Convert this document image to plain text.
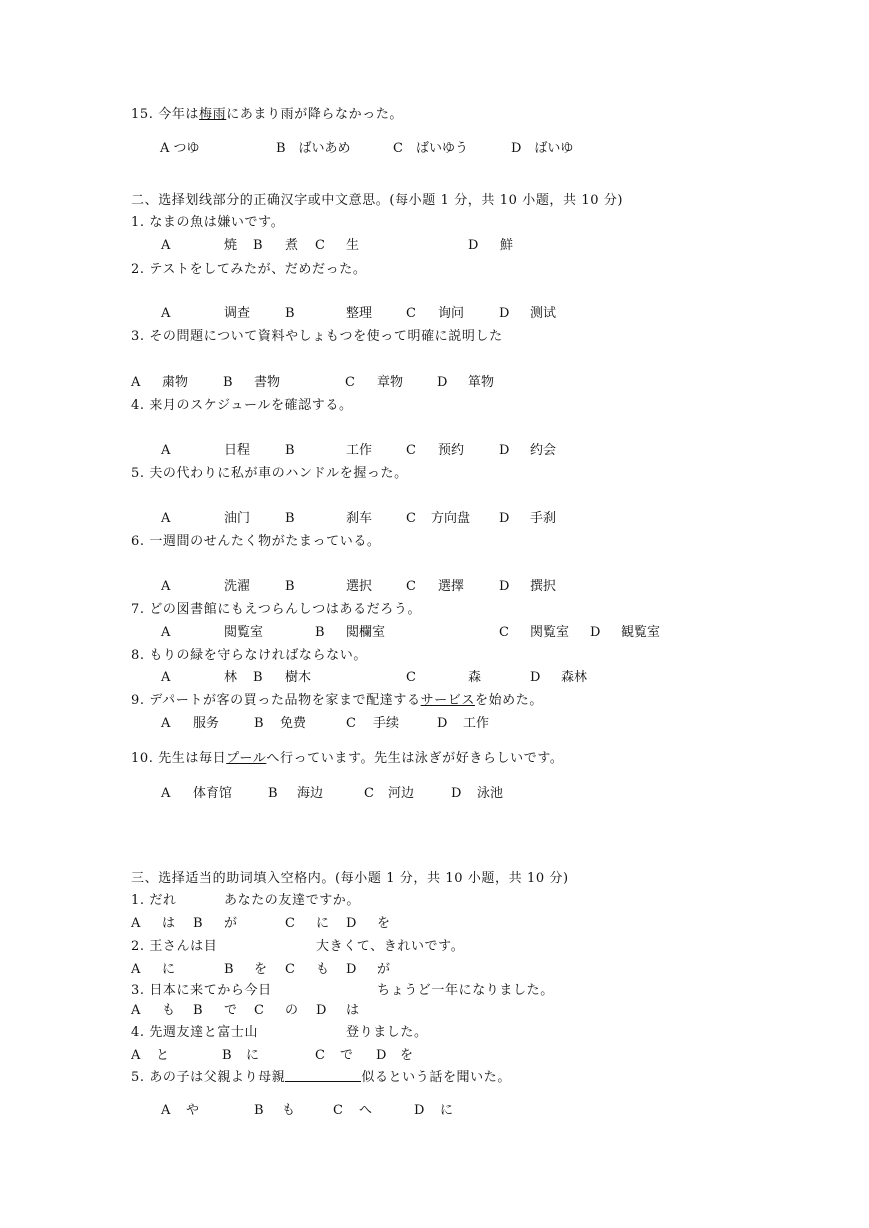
15. 今年は梅雨にあまり雨が降らなかった。
A つゆ	B　ばいあめ	C　ばいゆう	D　ばいゆ
二、选择划线部分的正确汉字或中文意思。(每小题 1 分，共 10 小题，共 10 分)
1. なまの魚は嫌いです。
A	焼 B 煮 C 生	D 鮮
2. テストをしてみたが、だめだった。
A	调查	B	整理	C 询问	D 测试
3. その問題について資料やしょもつを使って明確に説明した
A 粛物	B 書物	C 章物	D 箪物
4. 来月のスケジュールを確認する。
A	日程	B	工作	C 预约	D 约会
5. 夫の代わりに私が車のハンドルを握った。
A	油门	B	刹车	C 方向盘 D 手刹
6. 一週間のせんたく物がたまっている。
A	洗濯	B	選択	C 選擇	D 撰択
7. どの図書館にもえつらんしつはあるだろう。
A	閲覧室	B 閲欄室	C 関覧室 D 観覧室
8. もりの緑を守らなければならない。
A	林 B 樹木	C	森	D 森林
9. デパートが客の買った品物を家まで配達するサービスを始めた。
A 服务	B 免费	C 手续	D 工作
10. 先生は毎日プールへ行っています。先生は泳ぎが好きらしいです。
A 体育馆	B 海边	C 河边	D 泳池
三、选择适当的助词填入空格内。(每小题 1 分，共 10 小题，共 10 分)
1. だれ	あなたの友達ですか。
A は B が	C に D を
2. 王さんは目	大きくて、きれいです。
A に	B を C も D が
3. 日本に来てから今日	ちょうど一年になりました。
A も B で C の D は
4. 先週友達と富士山	登りました。
A と	B に	C で D を
5. あの子は父親より母親	似るという話を聞いた。
A や	B も	C へ	D に
